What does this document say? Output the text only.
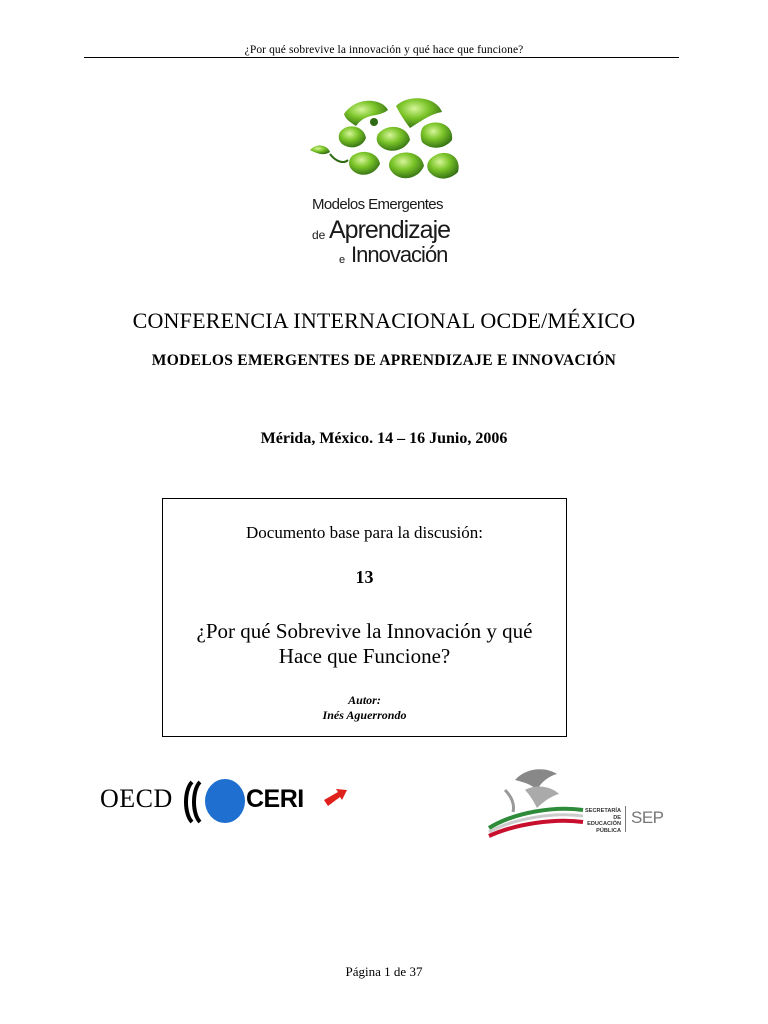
¿Por qué sobrevive la innovación y qué hace que funcione?
Modelos Emergentes
de Aprendizaje
e Innovación
CONFERENCIA INTERNACIONAL OCDE/MÉXICO
MODELOS EMERGENTES DE APRENDIZAJE E INNOVACIÓN
Mérida, México. 14 – 16 Junio, 2006
Documento base para la discusión:
13
¿Por qué Sobrevive la Innovación y qué
Hace que Funcione?
Autor:
Inés Aguerrondo
OECD	CERI	SECRETARÍA DE
EDUCACIÓN
PÚBLICA
SEP
Página 1 de 37
